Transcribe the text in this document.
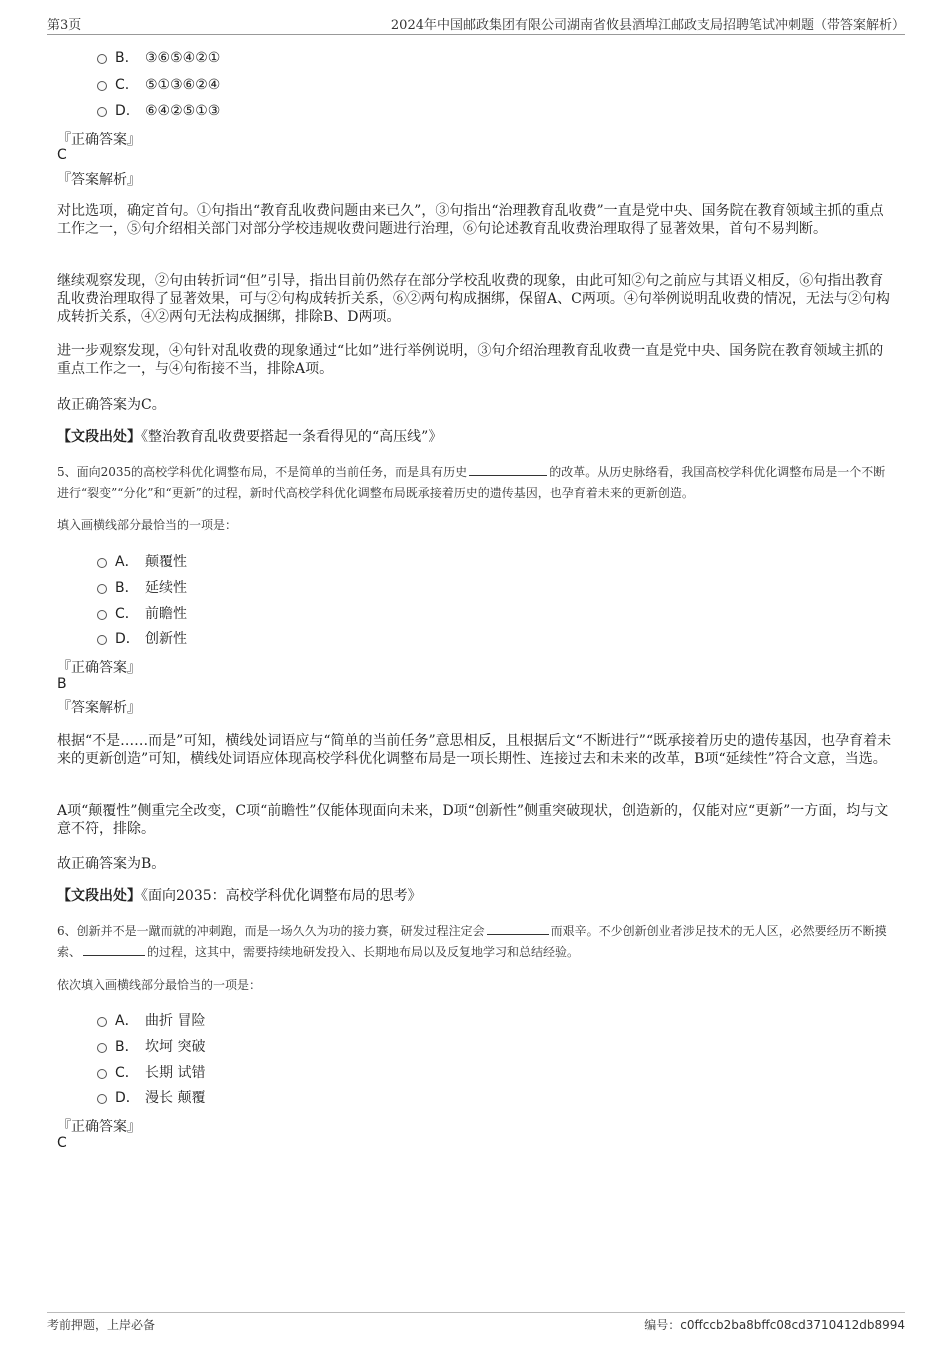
第3页	2024年中国邮政集团有限公司湖南省攸县酒埠江邮政支局招聘笔试冲刺题（带答案解析）
B. ③⑥⑤④②①
C. ⑤①③⑥②④
D. ⑥④②⑤①③
『正确答案』
C
『答案解析』
对比选项，确定首句。①句指出“教育乱收费问题由来已久”，③句指出“治理教育乱收费”一直是党中央、国务院在教育领域主抓的重点工作之一，⑤句介绍相关部门对部分学校违规收费问题进行治理，⑥句论述教育乱收费治理取得了显著效果，首句不易判断。
继续观察发现，②句由转折词“但”引导，指出目前仍然存在部分学校乱收费的现象，由此可知②句之前应与其语义相反，⑥句指出教育乱收费治理取得了显著效果，可与②句构成转折关系，⑥②两句构成捆绑，保留A、C两项。④句举例说明乱收费的情况，无法与②句构成转折关系，④②两句无法构成捆绑，排除B、D两项。
进一步观察发现，④句针对乱收费的现象通过“比如”进行举例说明，③句介绍治理教育乱收费一直是党中央、国务院在教育领域主抓的重点工作之一，与④句衔接不当，排除A项。
故正确答案为C。
【文段出处】《整治教育乱收费要搭起一条看得见的“高压线”》
5、面向2035的高校学科优化调整布局，不是简单的当前任务，而是具有历史	的改革。从历史脉络看，我国高校学科优化调整布局是一个不断进行“裂变”“分化”和“更新”的过程，新时代高校学科优化调整布局既承接着历史的遗传基因，也孕育着未来的更新创造。
填入画横线部分最恰当的一项是：
A． 颠覆性
B． 延续性
C． 前瞻性
D． 创新性
『正确答案』
B
『答案解析』
根据“不是……而是”可知，横线处词语应与“简单的当前任务”意思相反，且根据后文“不断进行”“既承接着历史的遗传基因，也孕育着未来的更新创造”可知，横线处词语应体现高校学科优化调整布局是一项长期性、连接过去和未来的改革，B项“延续性”符合文意，当选。
A项“颠覆性”侧重完全改变，C项“前瞻性”仅能体现面向未来，D项“创新性”侧重突破现状，创造新的，仅能对应“更新”一方面，均与文意不符，排除。
故正确答案为B。
【文段出处】《面向2035：高校学科优化调整布局的思考》
6、创新并不是一蹴而就的冲刺跑，而是一场久久为功的接力赛，研发过程注定会	而艰辛。不少创新创业者涉足技术的无人区，必然要经历不断摸索、	的过程，这其中，需要持续地研发投入、长期地布局以及反复地学习和总结经验。
依次填入画横线部分最恰当的一项是：
A． 曲折 冒险
B． 坎坷 突破
C． 长期 试错
D． 漫长 颠覆
『正确答案』
C
考前押题，上岸必备	编号：c0ffccb2ba8bffc08cd3710412db8994
